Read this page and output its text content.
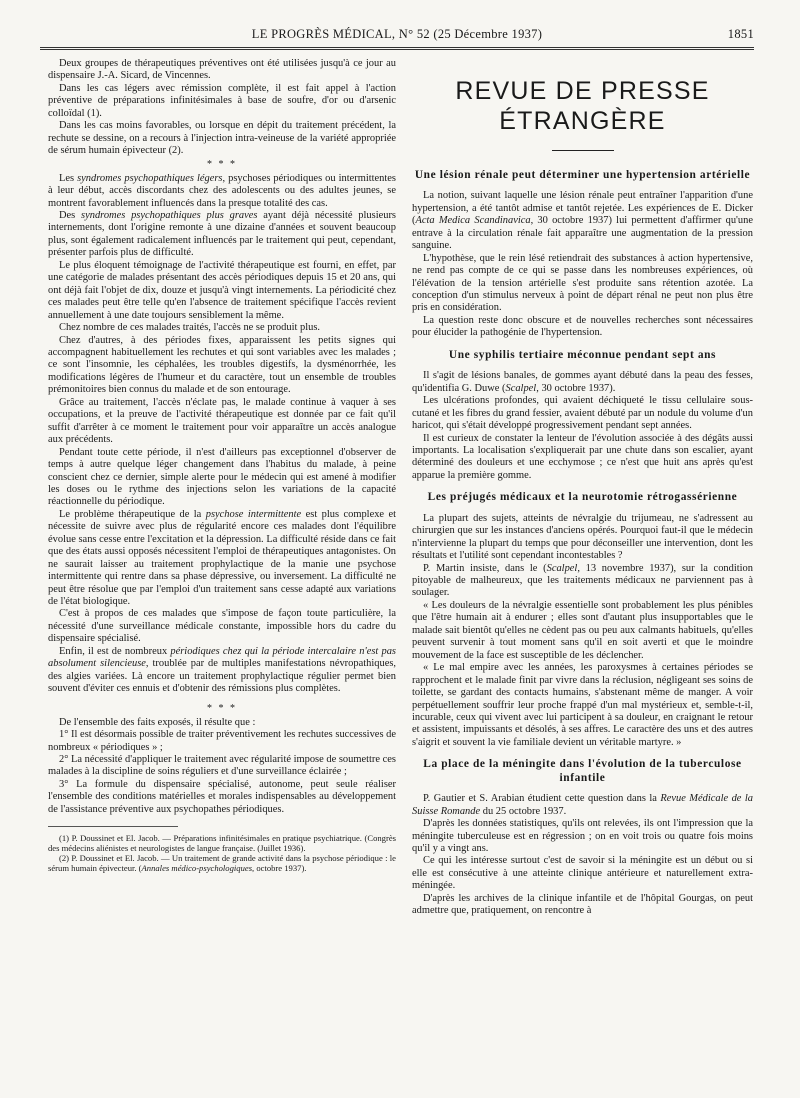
LE PROGRÈS MÉDICAL, N° 52 (25 Décembre 1937)	1851

Deux groupes de thérapeutiques préventives ont été utilisées jusqu'à ce jour au dispensaire J.-A. Sicard, de Vincennes.

Dans les cas légers avec rémission complète, il est fait appel à l'action préventive de préparations infinitésimales à base de soufre, d'or ou d'arsenic colloïdal (1).

Dans les cas moins favorables, ou lorsque en dépit du traitement précédent, la rechute se dessine, on a recours à l'injection intra-veineuse de la variété appropriée de sérum humain épivecteur (2).

* * *

Les syndromes psychopathiques légers, psychoses périodiques ou intermittentes à leur début, accès discordants chez des adolescents ou des adultes jeunes, se montrent favorablement influencés dans la presque totalité des cas.

Des syndromes psychopathiques plus graves ayant déjà nécessité plusieurs internements, dont l'origine remonte à une dizaine d'années et souvent beaucoup plus, sont également radicalement influencés par le traitement qui peut, cependant, présenter parfois plus de difficulté.

Le plus éloquent témoignage de l'activité thérapeutique est fourni, en effet, par une catégorie de malades présentant des accès périodiques depuis 15 et 20 ans, qui ont déjà fait l'objet de dix, douze et jusqu'à vingt internements. La périodicité chez ces malades peut être telle qu'en l'absence de traitement spécifique l'accès revient annuellement à une date toujours sensiblement la même.

Chez nombre de ces malades traités, l'accès ne se produit plus.

Chez d'autres, à des périodes fixes, apparaissent les petits signes qui accompagnent habituellement les rechutes et qui sont variables avec les malades ; ce sont l'insomnie, les céphalées, les troubles digestifs, la dysménorrhée, les modifications légères de l'humeur et du caractère, tout un ensemble de troubles prémonitoires bien connus du malade et de son entourage.

Grâce au traitement, l'accès n'éclate pas, le malade continue à vaquer à ses occupations, et la preuve de l'activité thérapeutique est donnée par ce fait qu'il suffit d'arrêter à ce moment le traitement pour voir apparaître un accès analogue aux précédents.

Pendant toute cette période, il n'est d'ailleurs pas exceptionnel d'observer de temps à autre quelque léger changement dans l'habitus du malade, à peine conscient chez ce dernier, simple alerte pour le médecin qui est amené à modifier les doses ou le rythme des injections selon les variations de la capacité réactionnelle du périodique.

Le problème thérapeutique de la psychose intermittente est plus complexe et nécessite de suivre avec plus de régularité encore ces malades dont l'équilibre évolue sans cesse entre l'excitation et la dépression. La difficulté réside dans ce fait que des états aussi opposés nécessitent l'emploi de thérapeutiques antagonistes. On ne saurait laisser au traitement prophylactique de la manie une psychose intermittente qui rentre dans sa phase dépressive, ou inversement. La difficulté ne peut être résolue que par l'emploi d'un traitement sans cesse adapté aux variations de l'état biologique.

C'est à propos de ces malades que s'impose de façon toute particulière, la nécessité d'une surveillance médicale constante, impossible hors du cadre du dispensaire spécialisé.

Enfin, il est de nombreux périodiques chez qui la période intercalaire n'est pas absolument silencieuse, troublée par de multiples manifestations névropathiques, des algies variées. Là encore un traitement prophylactique régulier permet bien souvent d'éviter ces ennuis et d'obtenir des rémissions plus complètes.

* * *

De l'ensemble des faits exposés, il résulte que :

1° Il est désormais possible de traiter préventivement les rechutes successives de nombreux « périodiques » ;

2° La nécessité d'appliquer le traitement avec régularité impose de soumettre ces malades à la discipline de soins réguliers et d'une surveillance éclairée ;

3° La formule du dispensaire spécialisé, autonome, peut seule réaliser l'ensemble des conditions matérielles et morales indispensables au développement de l'assistance préventive aux psychopathes périodiques.

(1) P. Doussinet et El. Jacob. — Préparations infinitésimales en pratique psychiatrique. (Congrès des médecins aliénistes et neurologistes de langue française. (Juillet 1936).

(2) P. Doussinet et El. Jacob. — Un traitement de grande activité dans la psychose périodique : le sérum humain épivecteur. (Annales médico-psychologiques, octobre 1937).

REVUE DE PRESSE ÉTRANGÈRE
Une lésion rénale peut déterminer une hypertension artérielle

La notion, suivant laquelle une lésion rénale peut entraîner l'apparition d'une hypertension, a été tantôt admise et tantôt rejetée. Les expériences de E. Dicker (Acta Medica Scandinavica, 30 octobre 1937) lui permettent d'affirmer qu'une entrave à la circulation rénale fait apparaître une augmentation de la pression sanguine.

L'hypothèse, que le rein lésé retiendrait des substances à action hypertensive, ne rend pas compte de ce qui se passe dans les nombreuses expériences, où l'élévation de la tension artérielle s'est produite sans rétention azotée. La conception d'un stimulus nerveux à point de départ rénal ne peut non plus être pris en considération.

La question reste donc obscure et de nouvelles recherches sont nécessaires pour élucider la pathogénie de l'hypertension.

Une syphilis tertiaire méconnue pendant sept ans

Il s'agit de lésions banales, de gommes ayant débuté dans la peau des fesses, qu'identifia G. Duwe (Scalpel, 30 octobre 1937).

Les ulcérations profondes, qui avaient déchiqueté le tissu cellulaire sous-cutané et les fibres du grand fessier, avaient débuté par un nodule du volume d'un haricot, qui s'était développé progressivement pendant sept années.

Il est curieux de constater la lenteur de l'évolution associée à des dégâts aussi importants. La localisation s'expliquerait par une chute dans son escalier, ayant déterminé des douleurs et une ecchymose ; ce n'est que huit ans après qu'est apparue la première gomme.

Les préjugés médicaux et la neurotomie rétrogassérienne

La plupart des sujets, atteints de névralgie du trijumeau, ne s'adressent au chirurgien que sur les instances d'anciens opérés. Pourquoi faut-il que le médecin n'intervienne la plupart du temps que pour déconseiller une intervention, dont les résultats et l'utilité sont cependant incontestables ?

P. Martin insiste, dans le (Scalpel, 13 novembre 1937), sur la condition pitoyable de malheureux, que les traitements médicaux ne parviennent pas à soulager.

« Les douleurs de la névralgie essentielle sont probablement les plus pénibles que l'être humain ait à endurer ; elles sont d'autant plus insupportables que le malade sait bientôt qu'elles ne cèdent pas ou peu aux calmants habituels, qu'elles peuvent survenir à tout moment sans qu'il en soit averti et que le moindre mouvement de la face est susceptible de les déclencher.

« Le mal empire avec les années, les paroxysmes à certaines périodes se rapprochent et le malade finit par vivre dans la réclusion, négligeant ses soins de toilette, se gardant des contacts humains, s'abstenant même de manger. A voir perpétuellement souffrir leur proche frappé d'un mal mystérieux et, semble-t-il, incurable, ceux qui vivent avec lui participent à sa douleur, en craignant le retour et assistent, impuissants et désolés, à ses affres. Le caractère des uns et des autres s'aigrit et souvent la vie familiale devient un véritable martyre. »

La place de la méningite dans l'évolution de la tuberculose infantile

P. Gautier et S. Arabian étudient cette question dans la Revue Médicale de la Suisse Romande du 25 octobre 1937.

D'après les données statistiques, qu'ils ont relevées, ils ont l'impression que la méningite tuberculeuse est en régression ; on en voit trois ou quatre fois moins qu'il y a vingt ans.

Ce qui les intéresse surtout c'est de savoir si la méningite est un début ou si elle est consécutive à une atteinte clinique antérieure et naturellement extra-méningée.

D'après les archives de la clinique infantile et de l'hôpital Gourgas, on peut admettre que, pratiquement, on rencontre à
